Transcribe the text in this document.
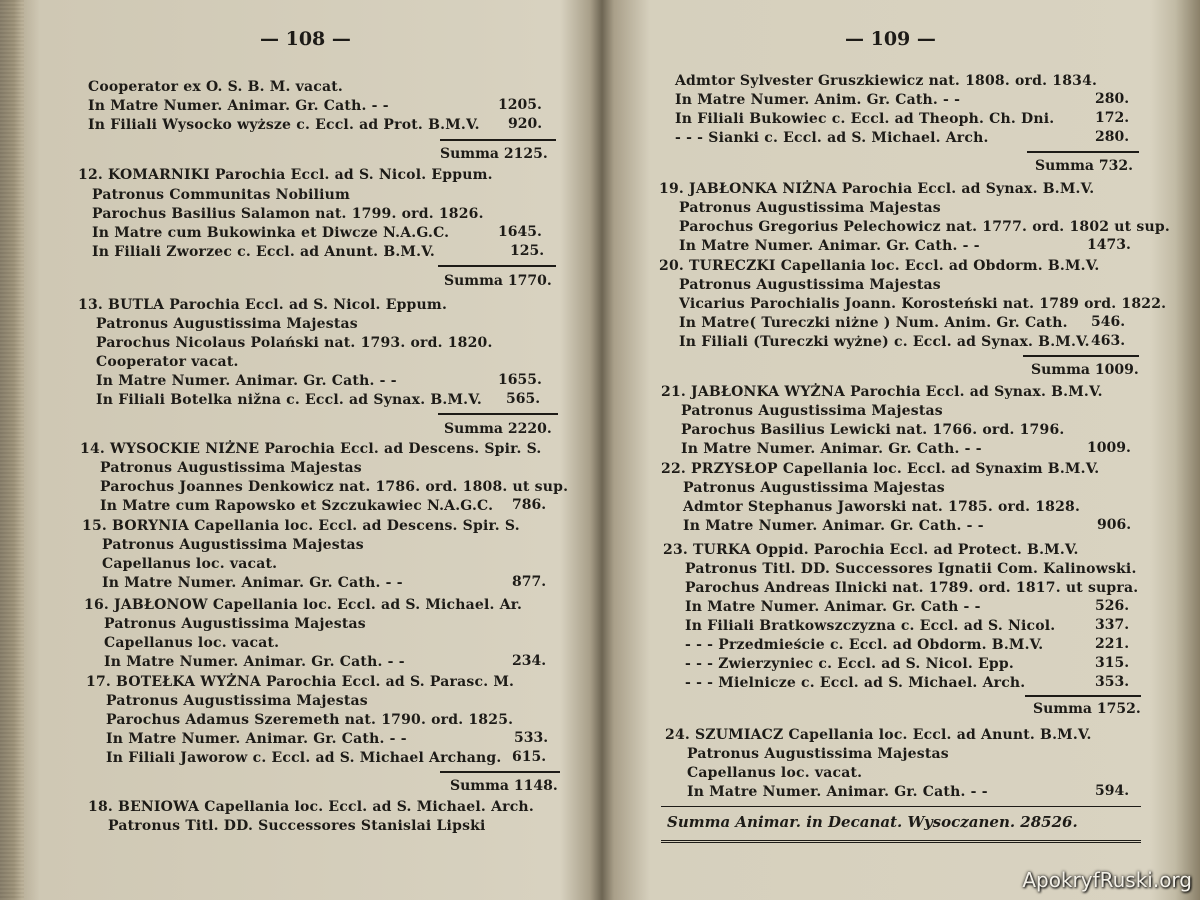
— 108 —
Cooperator ex O. S. B. M. vacat.
In Matre Numer. Animar. Gr. Cath. - -
In Filiali Wysocko wyższe c. Eccl. ad Prot. B.M.V.
12. KOMARNIKI Parochia Eccl. ad S. Nicol. Eppum.
Patronus Communitas Nobilium
Parochus Basilius Salamon nat. 1799. ord. 1826.
In Matre cum Bukowinka et Diwcze N.A.G.C.
In Filiali Zworzec c. Eccl. ad Anunt. B.M.V.
13. BUTLA Parochia Eccl. ad S. Nicol. Eppum.
Patronus Augustissima Majestas
Parochus Nicolaus Polański nat. 1793. ord. 1820.
Cooperator vacat.
In Matre Numer. Animar. Gr. Cath. - -
In Filiali Botelka nižna c. Eccl. ad Synax. B.M.V.
14. WYSOCKIE NIŻNE Parochia Eccl. ad Descens. Spir. S.
Patronus Augustissima Majestas
Parochus Joannes Denkowicz nat. 1786. ord. 1808. ut sup.
In Matre cum Rapowsko et Szczukawiec N.A.G.C.
15. BORYNIA Capellania loc. Eccl. ad Descens. Spir. S.
Patronus Augustissima Majestas
Capellanus loc. vacat.
In Matre Numer. Animar. Gr. Cath. - -
16. JABŁONOW Capellania loc. Eccl. ad S. Michael. Ar.
Patronus Augustissima Majestas
Capellanus loc. vacat.
In Matre Numer. Animar. Gr. Cath. - -
17. BOTEŁKA WYŻNA Parochia Eccl. ad S. Parasc. M.
Patronus Augustissima Majestas
Parochus Adamus Szeremeth nat. 1790. ord. 1825.
In Matre Numer. Animar. Gr. Cath. - -
In Filiali Jaworow c. Eccl. ad S. Michael Archang.
18. BENIOWA Capellania loc. Eccl. ad S. Michael. Arch.
Patronus Titl. DD. Successores Stanislai Lipski
1205.
920.
Summa 2125.
1645.
125.
Summa 1770.
1655.
565.
Summa 2220.
786.
877.
234.
533.
615.
Summa 1148.
— 109 —
Admtor Sylvester Gruszkiewicz nat. 1808. ord. 1834.
In Matre Numer. Anim. Gr. Cath. - -
In Filiali Bukowiec c. Eccl. ad Theoph. Ch. Dni.
- - - Sianki c. Eccl. ad S. Michael. Arch.
19. JABŁONKA NIŻNA Parochia Eccl. ad Synax. B.M.V.
Patronus Augustissima Majestas
Parochus Gregorius Pelechowicz nat. 1777. ord. 1802 ut sup.
In Matre Numer. Animar. Gr. Cath. - -
20. TURECZKI Capellania loc. Eccl. ad Obdorm. B.M.V.
Patronus Augustissima Majestas
Vicarius Parochialis Joann. Korosteński nat. 1789 ord. 1822.
In Matre( Tureczki niżne ) Num. Anim. Gr. Cath.
In Filiali (Tureczki wyżne) c. Eccl. ad Synax. B.M.V.
21. JABŁONKA WYŻNA Parochia Eccl. ad Synax. B.M.V.
Patronus Augustissima Majestas
Parochus Basilius Lewicki nat. 1766. ord. 1796.
In Matre Numer. Animar. Gr. Cath. - -
22. PRZYSŁOP Capellania loc. Eccl. ad Synaxim B.M.V.
Patronus Augustissima Majestas
Admtor Stephanus Jaworski nat. 1785. ord. 1828.
In Matre Numer. Animar. Gr. Cath. - -
23. TURKA Oppid. Parochia Eccl. ad Protect. B.M.V.
Patronus Titl. DD. Successores Ignatii Com. Kalinowski.
Parochus Andreas Ilnicki nat. 1789. ord. 1817. ut supra.
In Matre Numer. Animar. Gr. Cath - -
In Filiali Bratkowszczyzna c. Eccl. ad S. Nicol.
- - - Przedmieście c. Eccl. ad Obdorm. B.M.V.
- - - Zwierzyniec c. Eccl. ad S. Nicol. Epp.
- - - Mielnicze c. Eccl. ad S. Michael. Arch.
24. SZUMIACZ Capellania loc. Eccl. ad Anunt. B.M.V.
Patronus Augustissima Majestas
Capellanus loc. vacat.
In Matre Numer. Animar. Gr. Cath. - -
280.
172.
280.
Summa 732.
1473.
546.
463.
Summa 1009.
1009.
906.
526.
337.
221.
315.
353.
Summa 1752.
594.
Summa Animar. in Decanat. Wysoczanen. 28526.
ApokryfRuski.org
